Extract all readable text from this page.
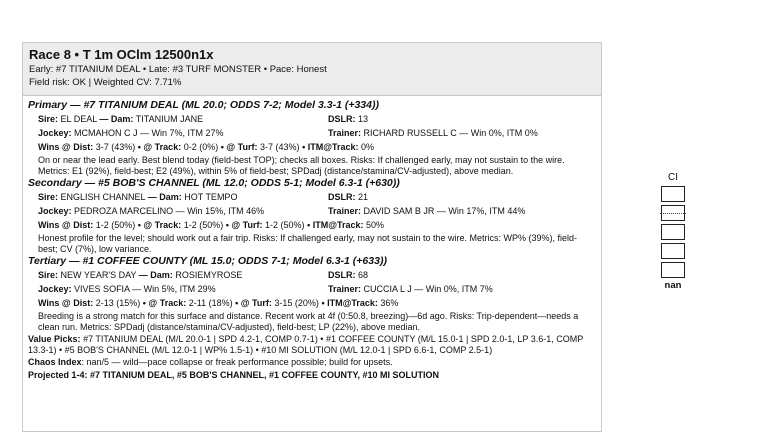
Race 8 • T 1m OClm 12500n1x
Early: #7 TITANIUM DEAL • Late: #3 TURF MONSTER • Pace: Honest
Field risk: OK | Weighted CV: 7.71%
Primary — #7 TITANIUM DEAL (ML 20.0; ODDS 7-2; Model 3.3-1 (+334))
Sire: EL DEAL — Dam: TITANIUM JANE	DSLR: 13
Jockey: MCMAHON C J — Win 7%, ITM 27%	Trainer: RICHARD RUSSELL C — Win 0%, ITM 0%
Wins @ Dist: 3-7 (43%) • @ Track: 0-2 (0%) • @ Turf: 3-7 (43%) • ITM@Track: 0%
On or near the lead early. Best blend today (field-best TOP); checks all boxes. Risks: If challenged early, may not sustain to the wire. Metrics: E1 (92%), field-best; E2 (49%), within 5% of field-best; SPDadj (distance/stamina/CV-adjusted), above median.
Secondary — #5 BOB'S CHANNEL (ML 12.0; ODDS 5-1; Model 6.3-1 (+630))
Sire: ENGLISH CHANNEL — Dam: HOT TEMPO	DSLR: 21
Jockey: PEDROZA MARCELINO — Win 15%, ITM 46%	Trainer: DAVID SAM B JR — Win 17%, ITM 44%
Wins @ Dist: 1-2 (50%) • @ Track: 1-2 (50%) • @ Turf: 1-2 (50%) • ITM@Track: 50%
Honest profile for the level; should work out a fair trip. Risks: If challenged early, may not sustain to the wire. Metrics: WP% (39%), field-best; CV (7%), low variance.
Tertiary — #1 COFFEE COUNTY (ML 15.0; ODDS 7-1; Model 6.3-1 (+633))
Sire: NEW YEAR'S DAY — Dam: ROSIEMYROSE	DSLR: 68
Jockey: VIVES SOFIA — Win 5%, ITM 29%	Trainer: CUCCIA L J — Win 0%, ITM 7%
Wins @ Dist: 2-13 (15%) • @ Track: 2-11 (18%) • @ Turf: 3-15 (20%) • ITM@Track: 36%
Breeding is a strong match for this surface and distance. Recent work at 4f (0:50.8, breezing)—6d ago. Risks: Trip-dependent—needs a clean run. Metrics: SPDadj (distance/stamina/CV-adjusted), field-best; LP (22%), above median.
Value Picks: #7 TITANIUM DEAL (M/L 20.0-1 | SPD 4.2-1, COMP 0.7-1) • #1 COFFEE COUNTY (M/L 15.0-1 | SPD 2.0-1, LP 3.6-1, COMP 13.3-1) • #5 BOB'S CHANNEL (M/L 12.0-1 | WP% 1.5-1) • #10 MI SOLUTION (M/L 12.0-1 | SPD 6.6-1, COMP 2.5-1)
Chaos Index: nan/5 — wild—pace collapse or freak performance possible; build for upsets.
Projected 1-4: #7 TITANIUM DEAL, #5 BOB'S CHANNEL, #1 COFFEE COUNTY, #10 MI SOLUTION
CI
nan
